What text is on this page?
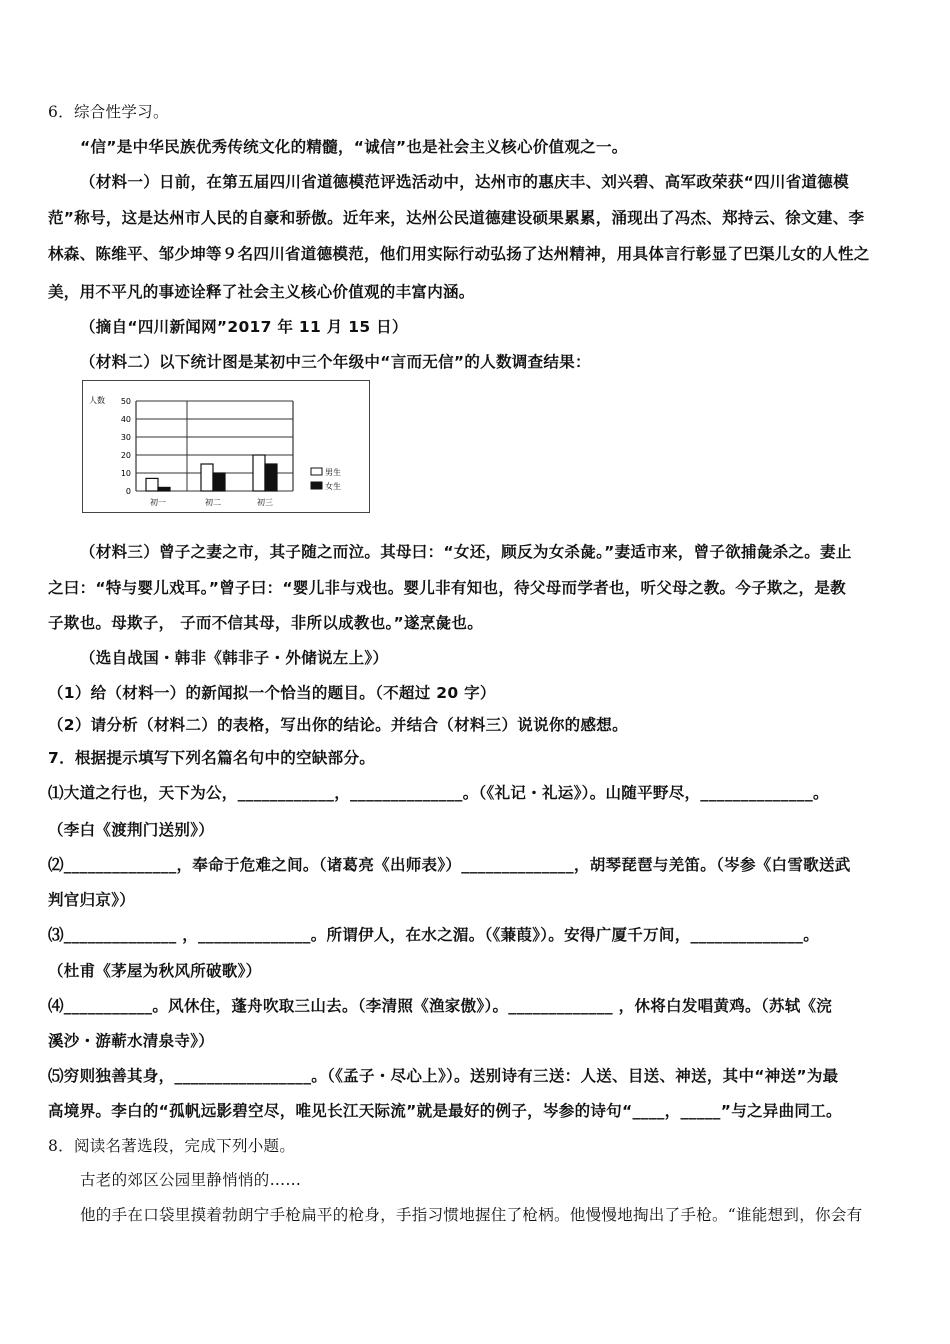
6．综合性学习。
“信”是中华民族优秀传统文化的精髓，“诚信”也是社会主义核心价值观之一。
（材料一）日前，在第五届四川省道德模范评选活动中，达州市的惠庆丰、刘兴碧、高军政荣获“四川省道德模
范”称号，这是达州市人民的自豪和骄傲。近年来，达州公民道德建设硕果累累，涌现出了冯杰、郑持云、徐文建、李
林森、陈维平、邹少坤等９名四川省道德模范，他们用实际行动弘扬了达州精神，用具体言行彰显了巴渠儿女的人性之
美，用不平凡的事迹诠释了社会主义核心价值观的丰富内涵。
（摘自“四川新闻网”2017 年 11 月 15 日）
（材料二）以下统计图是某初中三个年级中“言而无信”的人数调查结果：
人数
0
10
20
30
40
50
初一	初二	初三
男生
女生
（材料三）曾子之妻之市，其子随之而泣。其母曰：“女还，顾反为女杀彘。”妻适市来，曾子欲捕彘杀之。妻止
之曰：“特与婴儿戏耳。”曾子曰：“婴儿非与戏也。婴儿非有知也，待父母而学者也，听父母之教。今子欺之，是教
子欺也。母欺子， 子而不信其母，非所以成教也。”遂烹彘也。
（选自战国・韩非《韩非子・外储说左上》）
（1）给（材料一）的新闻拟一个恰当的题目。（不超过 20 字）
（2）请分析（材料二）的表格，写出你的结论。并结合（材料三）说说你的感想。
7．根据提示填写下列名篇名句中的空缺部分。
⑴大道之行也，天下为公，____________，______________。（《礼记・礼运》）。山随平野尽，______________。
（李白《渡荆门送别》）
⑵______________，奉命于危难之间。（诸葛亮《出师表》）______________，胡琴琵琶与羌笛。（岑参《白雪歌送武
判官归京》）
⑶______________ ，______________。所谓伊人，在水之湄。（《蒹葭》）。安得广厦千万间，______________。
（杜甫《茅屋为秋风所破歌》）
⑷___________。风休住，蓬舟吹取三山去。（李清照《渔家傲》）。_____________ ，休将白发唱黄鸡。（苏轼《浣
溪沙・游蕲水清泉寺》）
⑸穷则独善其身，_________________。（《孟子・尽心上》）。送别诗有三送：人送、目送、神送，其中“神送”为最
高境界。李白的“孤帆远影碧空尽，唯见长江天际流”就是最好的例子，岑参的诗句“____，_____”与之异曲同工。
8．阅读名著选段，完成下列小题。
古老的郊区公园里静悄悄的……
他的手在口袋里摸着勃朗宁手枪扁平的枪身，手指习惯地握住了枪柄。他慢慢地掏出了手枪。“谁能想到，你会有
